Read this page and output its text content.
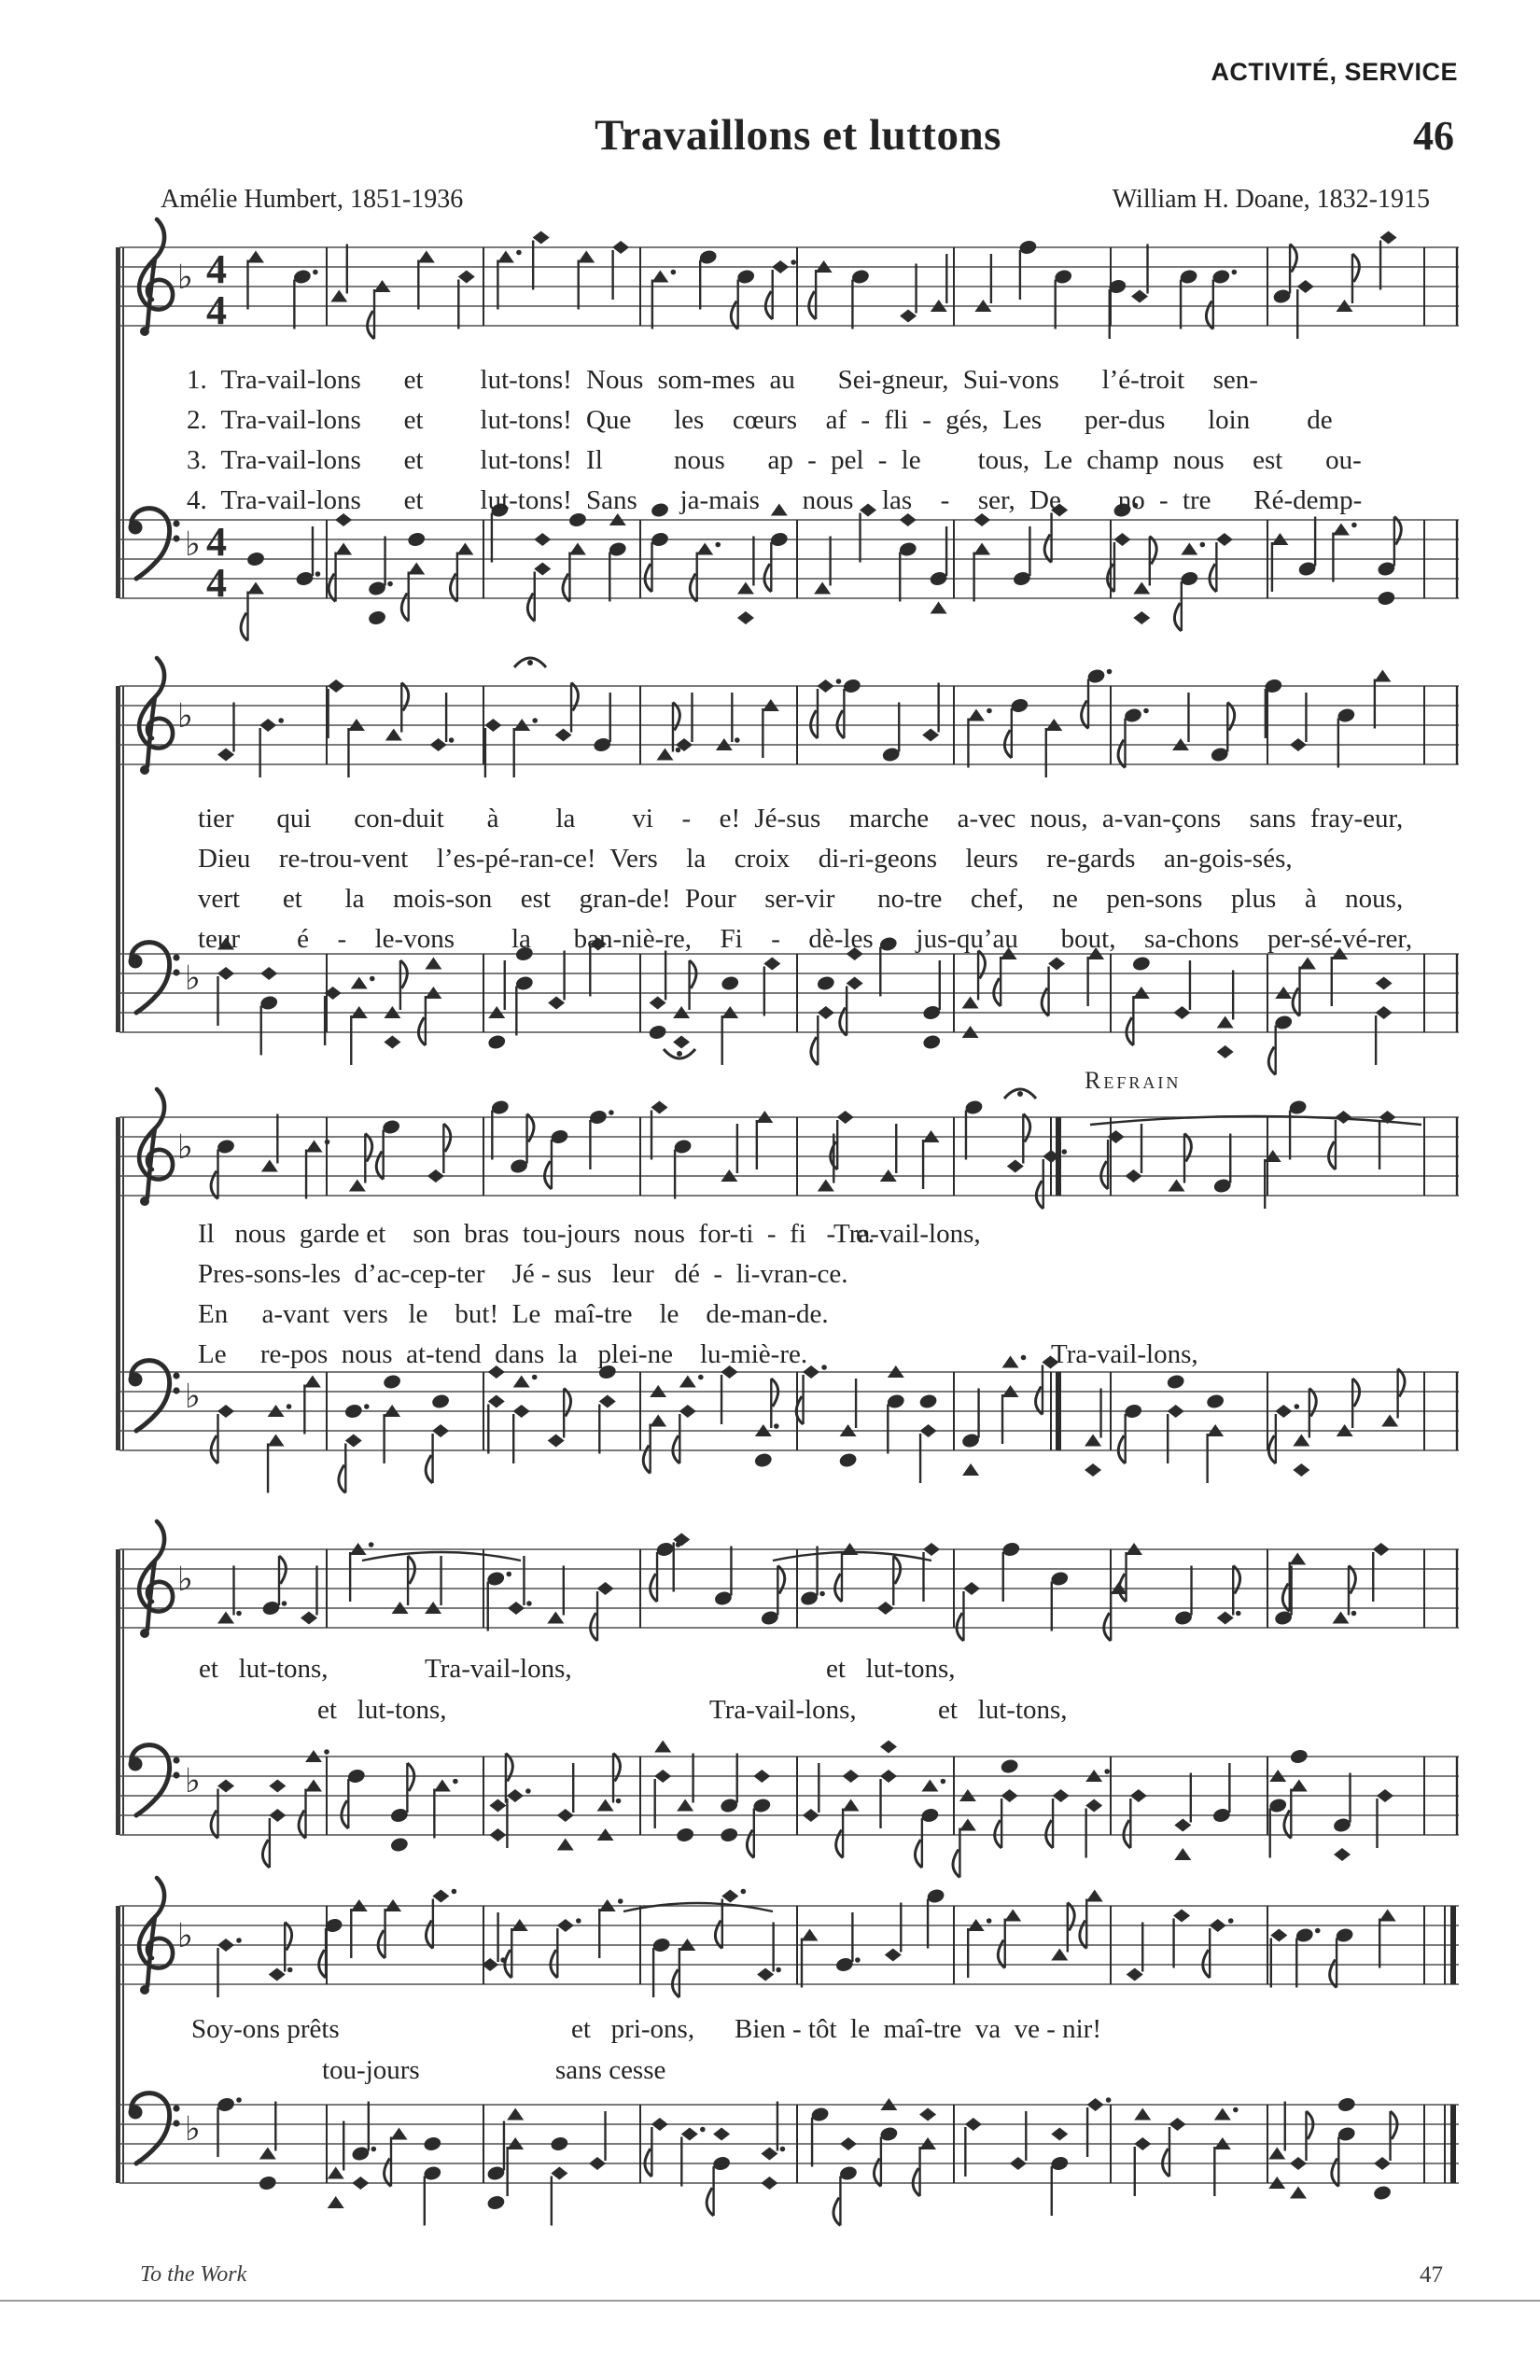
ACTIVITÉ, SERVICE
Travaillons et luttons	46
Amélie Humbert, 1851-1936	William H. Doane, 1832-1915
♭ 4
4
♭ 4
4
♭
♭
♭
♭
♭
♭
♭
♭
1. Tra-vail-lons   et    lut-tons! Nous som-mes au   Sei-gneur, Sui-vons   l’é-troit  sen-
2. Tra-vail-lons   et    lut-tons! Que   les  cœurs  af - fli - gés, Les   per-dus   loin    de
3. Tra-vail-lons   et    lut-tons! Il     nous   ap - pel - le    tous, Le champ nous  est   ou-
4. Tra-vail-lons   et    lut-tons! Sans   ja-mais   nous  las  -  ser, De    no - tre   Ré-demp-
tier   qui   con-duit   à    la    vi  -  e! Jé-sus  marche  a-vec nous, a-van-çons  sans fray-eur,
Dieu  re-trou-vent  l’es-pé-ran-ce! Vers  la  croix  di-ri-geons  leurs  re-gards  an-gois-sés,
vert   et   la  mois-son  est  gran-de! Pour  ser-vir   no-tre  chef,  ne  pen-sons  plus  à  nous,
teur    é  -  le-vons    la   ban-niè-re,  Fi  -  dè-les   jus-qu’au   bout,  sa-chons  per-sé-vé-rer,
Refrain
Il   nous  garde et    son  bras  tou-jours  nous  for-ti  -  fi   -   e.
Tra-vail-lons,
Pres-sons-les  d’ac-cep-ter    Jé - sus   leur   dé  -  li-vran-ce.
En     a-vant  vers   le    but!  Le  maî-tre    le    de-man-de.
Le     re-pos  nous  at-tend  dans  la   plei-ne    lu-miè-re.	Tra-vail-lons,
et   lut-tons,	Tra-vail-lons,	et   lut-tons,
et   lut-tons,	Tra-vail-lons,	et   lut-tons,
Soy-ons prêts	et   pri-ons, Bien - tôt  le  maî-tre  va  ve - nir!
tou-jours	sans cesse
To the Work	47
